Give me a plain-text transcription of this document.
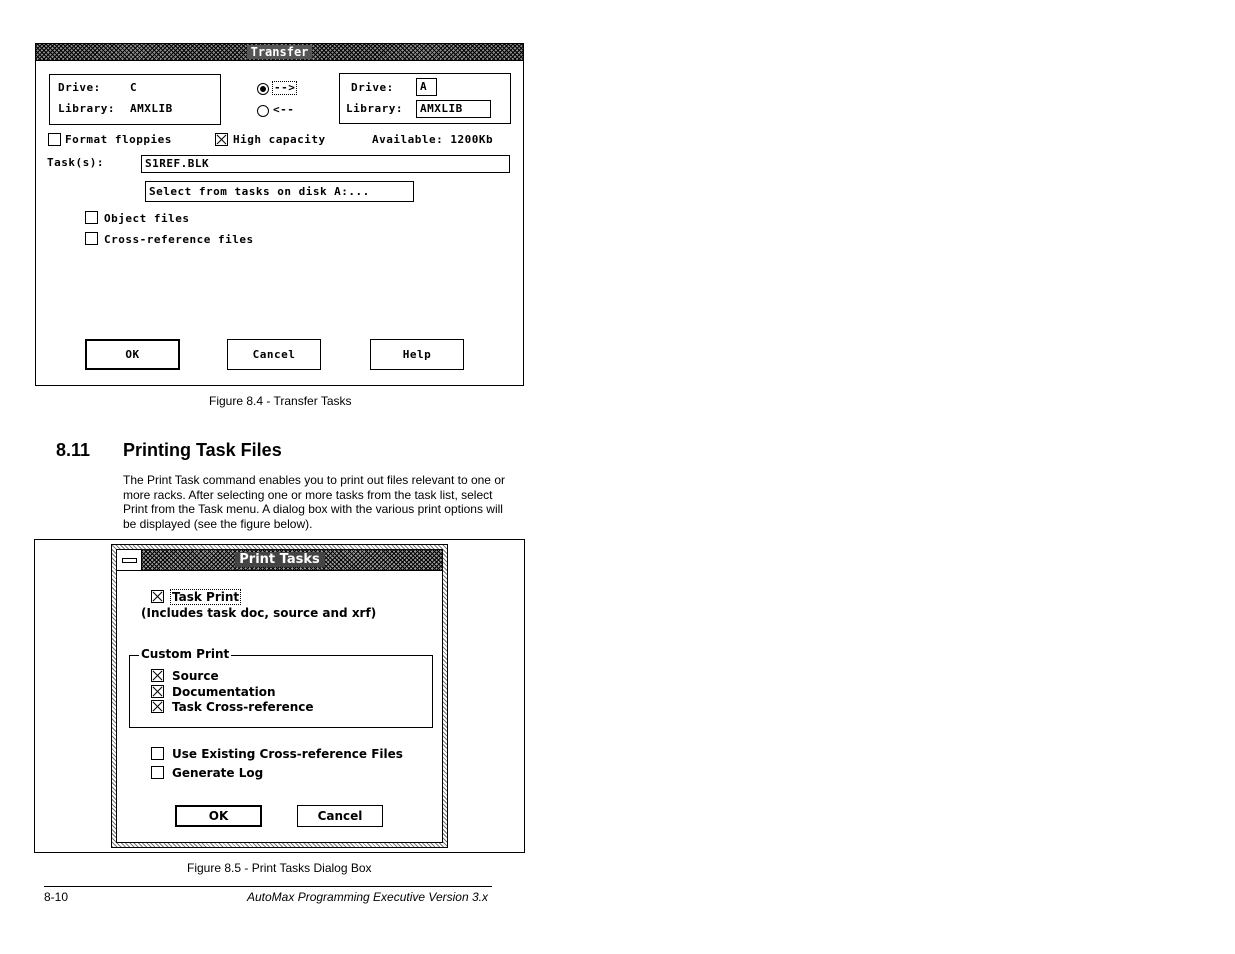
Transfer
Drive:	C
Library: AMXLIB
-->
<--
Drive:	A
Library:	AMXLIB
Format floppies	High capacity	Available: 1200Kb
Task(s):	S1REF.BLK
Select from tasks on disk A:...
Object files
Cross-reference files
OK	Cancel	Help
Figure 8.4 - Transfer Tasks
8.11 Printing Task Files
The Print Task command enables you to print out files relevant to one or more racks. After selecting one or more tasks from the task list, select Print from the Task menu. A dialog box with the various print options will be displayed (see the figure below).
Print Tasks
Task Print
(Includes task doc, source and xrf)
Custom Print
Source
Documentation
Task Cross-reference
Use Existing Cross-reference Files
Generate Log
OK	Cancel
Figure 8.5 - Print Tasks Dialog Box
8-10	AutoMax Programming Executive Version 3.x
